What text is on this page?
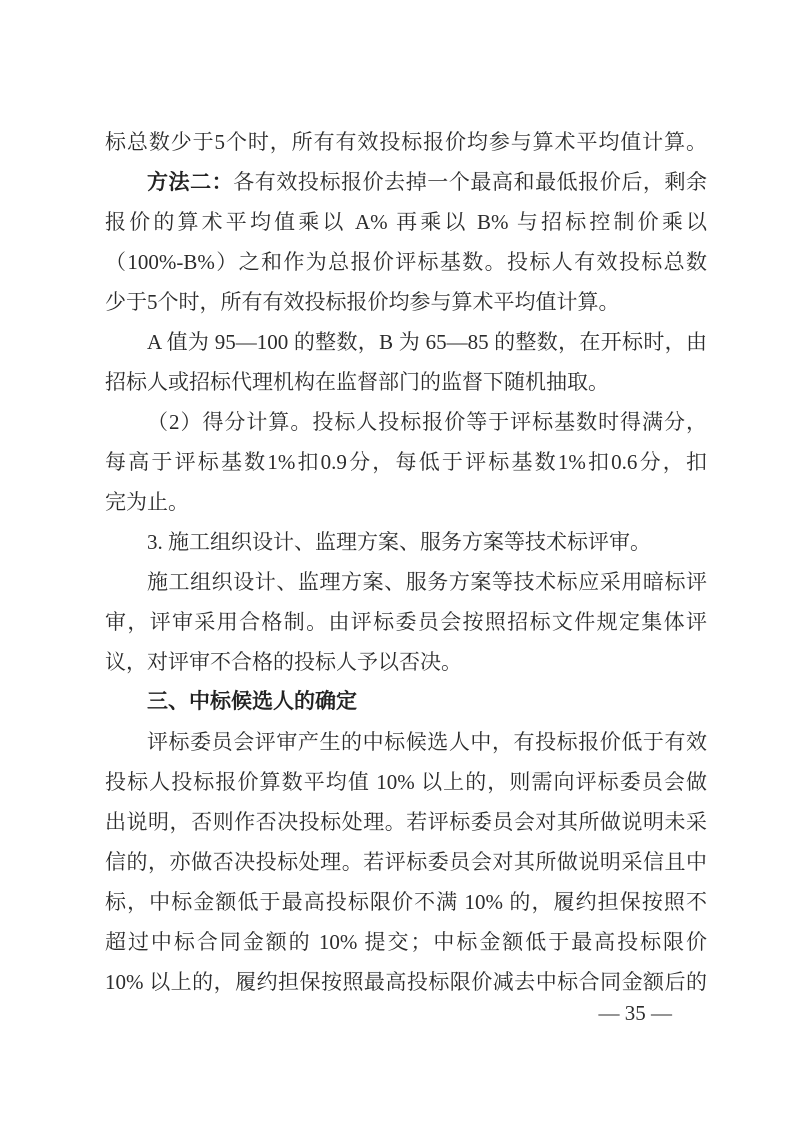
标总数少于5个时，所有有效投标报价均参与算术平均值计算。
方法二：各有效投标报价去掉一个最高和最低报价后，剩余
报价的算术平均值乘以 A% 再乘以 B% 与招标控制价乘以
（100%-B%）之和作为总报价评标基数。投标人有效投标总数
少于5个时，所有有效投标报价均参与算术平均值计算。
A 值为 95—100 的整数，B 为 65—85 的整数，在开标时，由
招标人或招标代理机构在监督部门的监督下随机抽取。
（2）得分计算。投标人投标报价等于评标基数时得满分，
每高于评标基数1%扣0.9分，每低于评标基数1%扣0.6分，扣
完为止。
3. 施工组织设计、监理方案、服务方案等技术标评审。
施工组织设计、监理方案、服务方案等技术标应采用暗标评
审，评审采用合格制。由评标委员会按照招标文件规定集体评
议，对评审不合格的投标人予以否决。
三、中标候选人的确定
评标委员会评审产生的中标候选人中，有投标报价低于有效
投标人投标报价算数平均值 10% 以上的，则需向评标委员会做
出说明，否则作否决投标处理。若评标委员会对其所做说明未采
信的，亦做否决投标处理。若评标委员会对其所做说明采信且中
标，中标金额低于最高投标限价不满 10% 的，履约担保按照不
超过中标合同金额的 10% 提交；中标金额低于最高投标限价
10% 以上的，履约担保按照最高投标限价减去中标合同金额后的
— 35 —
